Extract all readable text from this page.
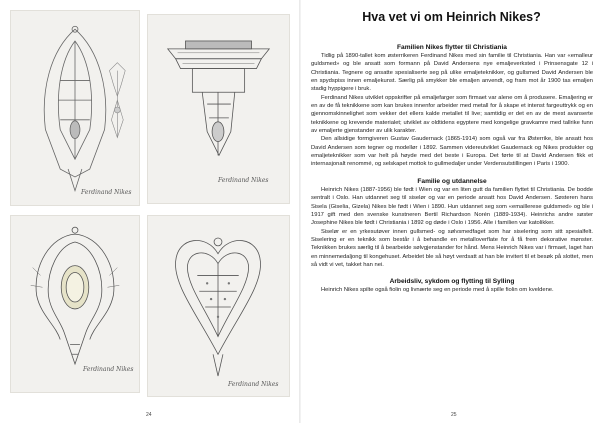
Ferdinand Nikes
Ferdinand Nikes
Ferdinand Nikes
Ferdinand Nikes
24
Hva vet vi om Heinrich Nikes?
Familien Nikes flytter til Christiania

Tidlig på 1890-tallet kom østerrikeren Ferdinand Nikes med sin familie til Christiania. Han var «emalleur guldsmed» og ble ansatt som formann på David Andersens nye emaljeverksted i Prinsensgate 12 i Christiania. Tegnere og ansatte spesialiserte seg på ulike emaljeteknikker, og gullsmed David Andersen ble en spydspiss innen emaljekunst. Særlig på smykker ble emaljen anvendt, og fram mot år 1900 tas emaljen stadig hyppigere i bruk.

Ferdinand Nikes utviklet oppskrifter på emaljefarger som firmaet var alene om å produsere. Emaljering er en av de få teknikkene som kan brukes innenfor arbeider med metall for å skape et intenst fargeuttrykk og en gjennomskinnelighet som vekker det ellers kalde metallet til live; samtidig er det en av de mest avanserte teknikkene og krevende materialet; utviklet av oldtidens egyptere med kongelige gravkamre med tallrike funn av emaljerte gjenstander av ulik karakter.

Den allsidige formgiveren Gustav Gaudernack (1865-1914) som også var fra Østerrike, ble ansatt hos David Andersen som tegner og modellør i 1892. Sammen videreutviklet Gaudernack og Nikes produkter og emaljeteknikker som var helt på høyde med det beste i Europa. Det førte til at David Andersen fikk et internasjonalt renommé, og selskapet mottok to gullmedaljer under Verdensutstillingen i Paris i 1900.

Familie og utdannelse

Heinrich Nikes (1887-1956) ble født i Wien og var en liten gutt da familien flyttet til Christiania. De bodde sentralt i Oslo. Han utdannet seg til siselør og var en periode ansatt hos David Andersen. Søsteren hans Sisela (Giselia, Gizela) Nikes ble født i Wien i 1890. Hun utdannet seg som «emaillerese guldsmed» og ble i 1917 gift med den svenske kunstneren Bertil Richardson Norén (1889-1934). Heinrichs andre søster Josephine Nikes ble født i Christiania i 1892 og døde i Oslo i 1956. Alle i familien var katolikker.

Siselør er en yrkesutøver innen gullsmed- og sølvsmedfaget som har siselering som sitt spesialfelt. Siselering er en teknikk som består i å behandle en metalloverflate for å få frem dekorative mønster. Teknikken brukes særlig til å bearbeide sølvgjenstander for hånd. Mens Heinrich Nikes var i firmaet, laget han en minnemedaljong til kongehuset. Arbeidet ble så høyt verdsatt at han ble invitert til et besøk på slottet, men så vidt vi vet, takket han nei.

Arbeidsliv, sykdom og flytting til Sylling

Heinrich Nikes spilte også fiolin og livnærte seg en periode med å spille fiolin om kveldene.

25
